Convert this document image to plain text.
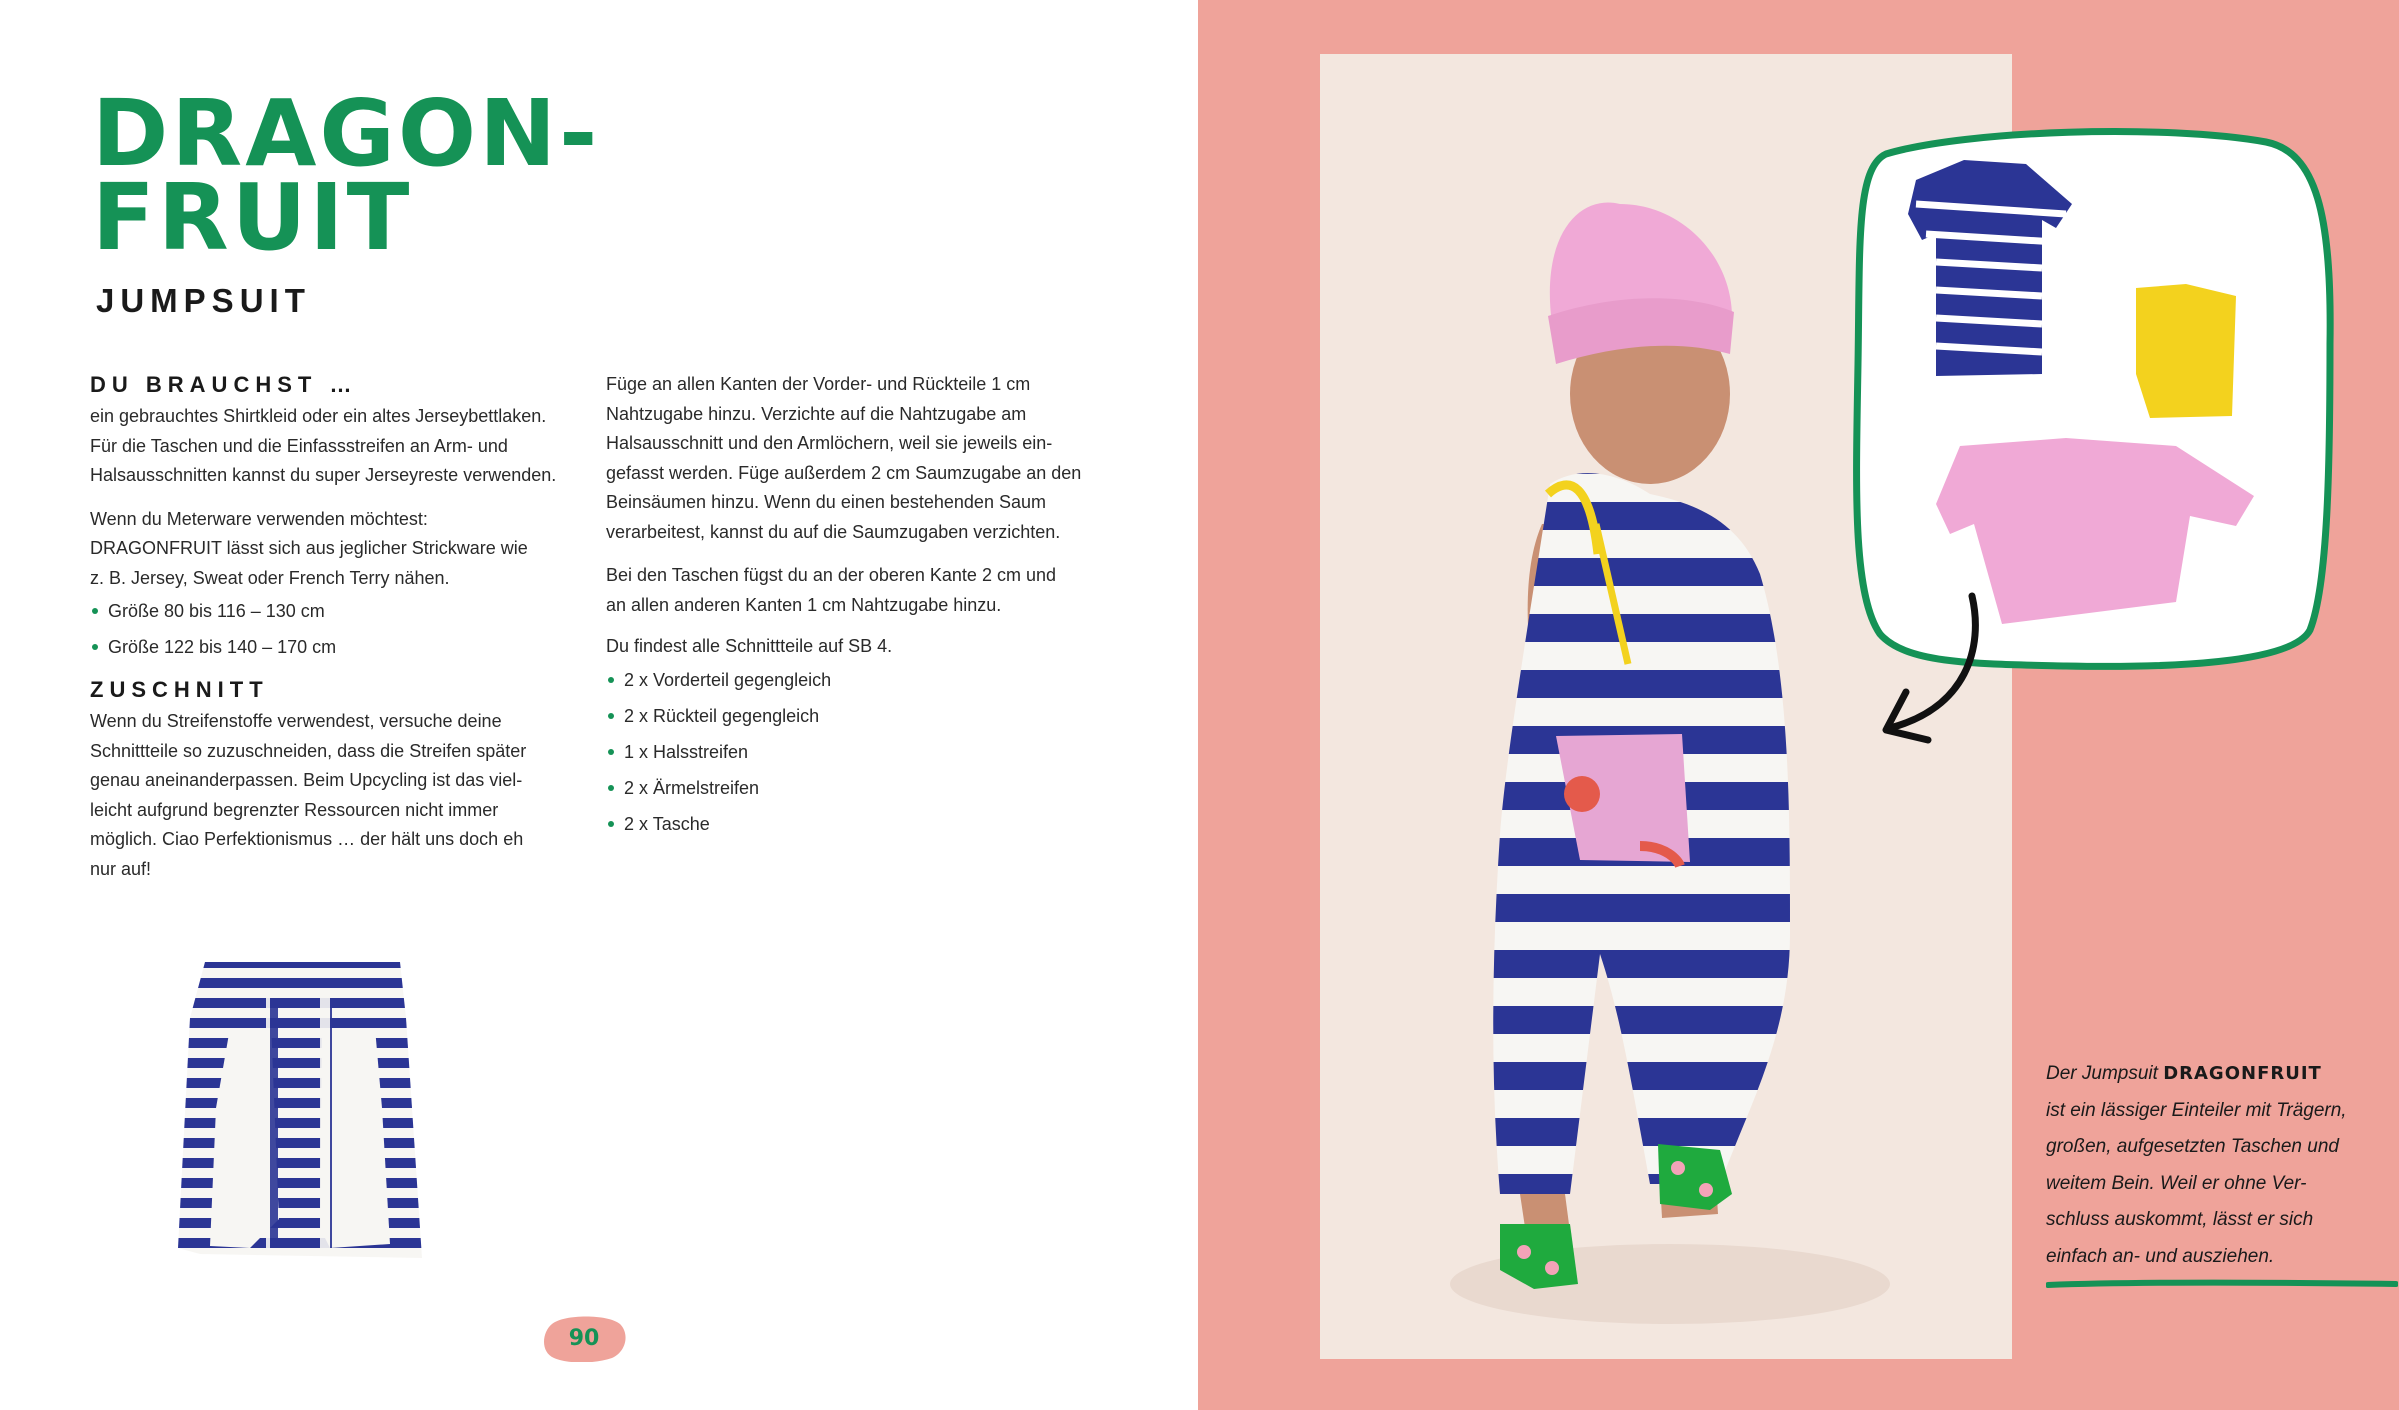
DRAGON-
FRUIT
JUMPSUIT
DU BRAUCHST …
ein gebrauchtes Shirtkleid oder ein altes Jerseybettlaken.
Für die Taschen und die Einfassstreifen an Arm- und
Halsausschnitten kannst du super Jerseyreste verwenden.
Wenn du Meterware verwenden möchtest:
DRAGONFRUIT lässt sich aus jeglicher Strickware wie
z. B. Jersey, Sweat oder French Terry nähen.
Größe 80 bis 116 – 130 cm
Größe 122 bis 140 – 170 cm
ZUSCHNITT
Wenn du Streifenstoffe verwendest, versuche deine
Schnittteile so zuzuschneiden, dass die Streifen später
genau aneinanderpassen. Beim Upcycling ist das viel-
leicht aufgrund begrenzter Ressourcen nicht immer
möglich. Ciao Perfektionismus … der hält uns doch eh
nur auf!
Füge an allen Kanten der Vorder- und Rückteile 1 cm
Nahtzugabe hinzu. Verzichte auf die Nahtzugabe am
Halsausschnitt und den Armlöchern, weil sie jeweils ein-
gefasst werden. Füge außerdem 2 cm Saumzugabe an den
Beinsäumen hinzu. Wenn du einen bestehenden Saum
verarbeitest, kannst du auf die Saumzugaben verzichten.
Bei den Taschen fügst du an der oberen Kante 2 cm und
an allen anderen Kanten 1 cm Nahtzugabe hinzu.
Du findest alle Schnittteile auf SB 4.
2 x Vorderteil gegengleich
2 x Rückteil gegengleich
1 x Halsstreifen
2 x Ärmelstreifen
2 x Tasche
90
Der Jumpsuit DRAGONFRUIT
ist ein lässiger Einteiler mit Trägern,
großen, aufgesetzten Taschen und
weitem Bein. Weil er ohne Ver-
schluss auskommt, lässt er sich
einfach an- und ausziehen.
